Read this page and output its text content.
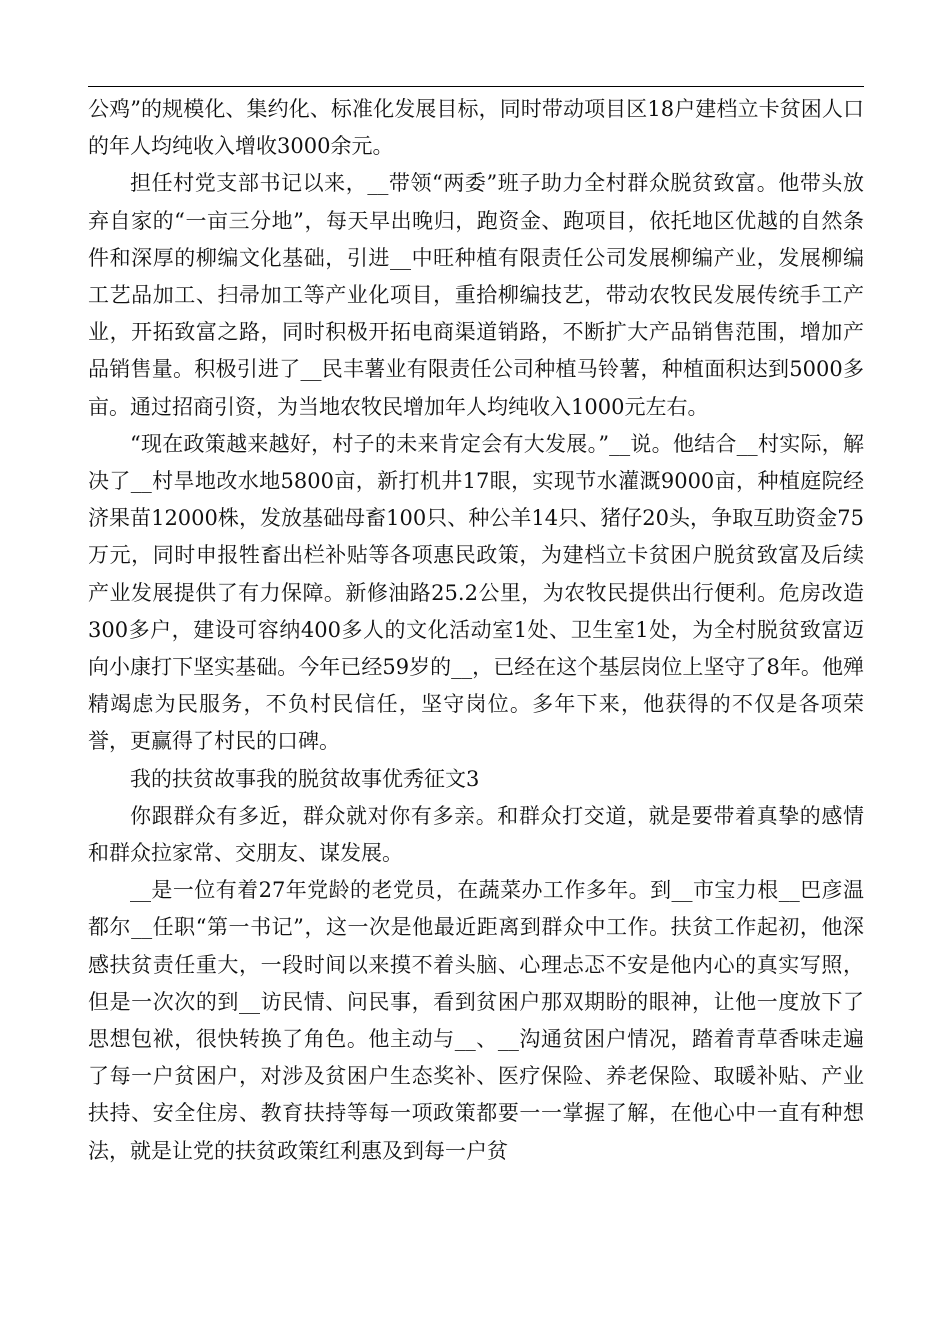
公鸡”的规模化、集约化、标准化发展目标，同时带动项目区18户建档立卡贫困人口的年人均纯收入增收3000余元。

担任村党支部书记以来，__带领“两委”班子助力全村群众脱贫致富。他带头放弃自家的“一亩三分地”，每天早出晚归，跑资金、跑项目，依托地区优越的自然条件和深厚的柳编文化基础，引进__中旺种植有限责任公司发展柳编产业，发展柳编工艺品加工、扫帚加工等产业化项目，重拾柳编技艺，带动农牧民发展传统手工产业，开拓致富之路，同时积极开拓电商渠道销路，不断扩大产品销售范围，增加产品销售量。积极引进了__民丰薯业有限责任公司种植马铃薯，种植面积达到5000多亩。通过招商引资，为当地农牧民增加年人均纯收入1000元左右。

“现在政策越来越好，村子的未来肯定会有大发展。”__说。他结合__村实际，解决了__村旱地改水地5800亩，新打机井17眼，实现节水灌溉9000亩，种植庭院经济果苗12000株，发放基础母畜100只、种公羊14只、猪仔20头，争取互助资金75万元，同时申报牲畜出栏补贴等各项惠民政策，为建档立卡贫困户脱贫致富及后续产业发展提供了有力保障。新修油路25.2公里，为农牧民提供出行便利。危房改造300多户，建设可容纳400多人的文化活动室1处、卫生室1处，为全村脱贫致富迈向小康打下坚实基础。今年已经59岁的__，已经在这个基层岗位上坚守了8年。他殚精竭虑为民服务，不负村民信任，坚守岗位。多年下来，他获得的不仅是各项荣誉，更赢得了村民的口碑。

我的扶贫故事我的脱贫故事优秀征文3

你跟群众有多近，群众就对你有多亲。和群众打交道，就是要带着真挚的感情和群众拉家常、交朋友、谋发展。

__是一位有着27年党龄的老党员，在蔬菜办工作多年。到__市宝力根__巴彦温都尔__任职“第一书记”，这一次是他最近距离到群众中工作。扶贫工作起初，他深感扶贫责任重大，一段时间以来摸不着头脑、心理忐忑不安是他内心的真实写照，但是一次次的到__访民情、问民事，看到贫困户那双期盼的眼神，让他一度放下了思想包袱，很快转换了角色。他主动与__、__沟通贫困户情况，踏着青草香味走遍了每一户贫困户，对涉及贫困户生态奖补、医疗保险、养老保险、取暖补贴、产业扶持、安全住房、教育扶持等每一项政策都要一一掌握了解，在他心中一直有种想法，就是让党的扶贫政策红利惠及到每一户贫
